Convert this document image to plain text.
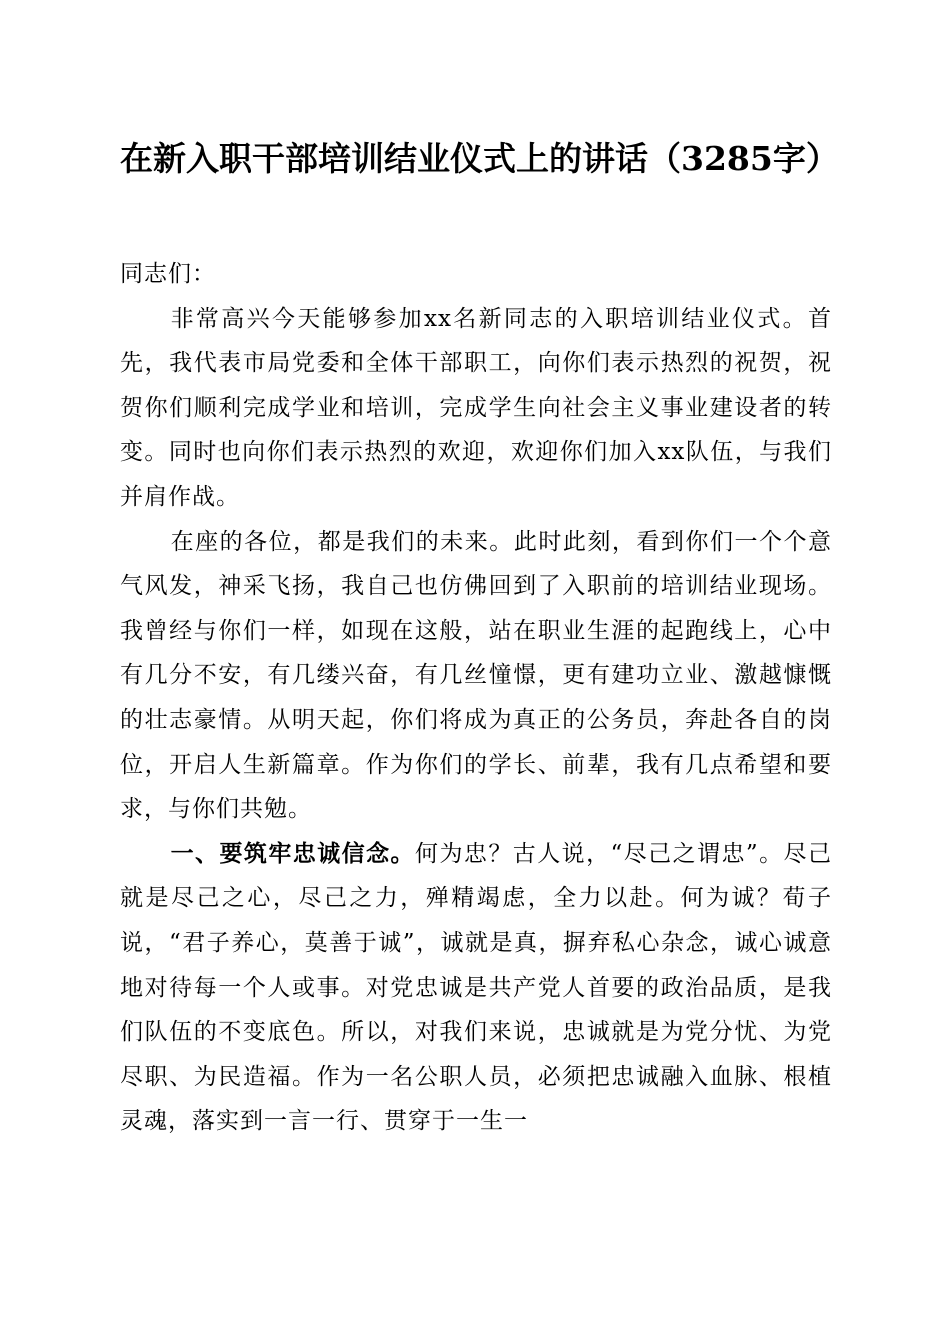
在新入职干部培训结业仪式上的讲话（3285字）

同志们：

非常高兴今天能够参加xx名新同志的入职培训结业仪式。首先，我代表市局党委和全体干部职工，向你们表示热烈的祝贺，祝贺你们顺利完成学业和培训，完成学生向社会主义事业建设者的转变。同时也向你们表示热烈的欢迎，欢迎你们加入xx队伍，与我们并肩作战。

在座的各位，都是我们的未来。此时此刻，看到你们一个个意气风发，神采飞扬，我自己也仿佛回到了入职前的培训结业现场。我曾经与你们一样，如现在这般，站在职业生涯的起跑线上，心中有几分不安，有几缕兴奋，有几丝憧憬，更有建功立业、激越慷慨的壮志豪情。从明天起，你们将成为真正的公务员，奔赴各自的岗位，开启人生新篇章。作为你们的学长、前辈，我有几点希望和要求，与你们共勉。

一、要筑牢忠诚信念。何为忠？古人说，“尽己之谓忠”。尽己就是尽己之心，尽己之力，殚精竭虑，全力以赴。何为诚？荀子说，“君子养心，莫善于诚”，诚就是真，摒弃私心杂念，诚心诚意地对待每一个人或事。对党忠诚是共产党人首要的政治品质，是我们队伍的不变底色。所以，对我们来说，忠诚就是为党分忧、为党尽职、为民造福。作为一名公职人员，必须把忠诚融入血脉、根植灵魂，落实到一言一行、贯穿于一生一
